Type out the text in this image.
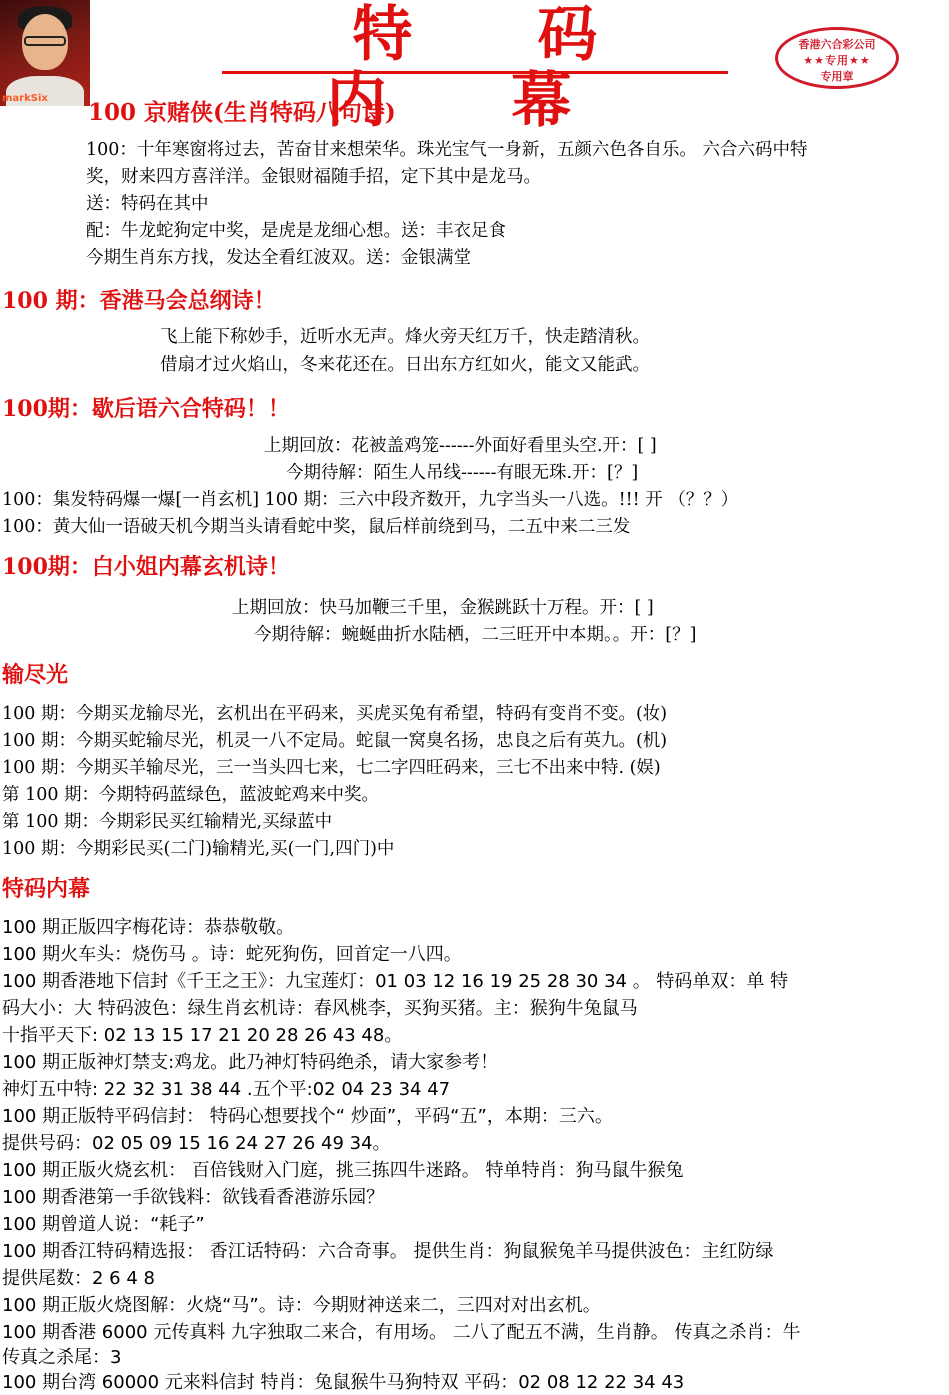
markSix
特 码 内 幕
香港六合彩公司
★★专用★★
专用章
100 京赌侠(生肖特码八句诗)
100：十年寒窗将过去，苦奋甘来想荣华。珠光宝气一身新，五颜六色各自乐。 六合六码中特
奖，财来四方喜洋洋。金银财福随手招，定下其中是龙马。
送：特码在其中
配：牛龙蛇狗定中奖，是虎是龙细心想。送：丰衣足食
今期生肖东方找，发达全看红波双。送：金银满堂
100 期：香港马会总纲诗！
飞上能下称妙手，近听水无声。烽火旁天红万千，快走踏清秋。
借扇才过火焰山，冬来花还在。日出东方红如火，能文又能武。
100期：歇后语六合特码！！
上期回放：花被盖鸡笼------外面好看里头空.开：[ ]
今期待解：陌生人吊线------有眼无珠.开：[？]
100：集发特码爆一爆[一肖玄机] 100 期：三六中段齐数开，九字当头一八选。!!! 开 （？？）
100：黄大仙一语破天机今期当头请看蛇中奖，鼠后样前绕到马，二五中来二三发
100期：白小姐内幕玄机诗！
上期回放：快马加鞭三千里，金猴跳跃十万程。开：[ ]
今期待解：蜿蜒曲折水陆栖，二三旺开中本期。。开：[？]
输尽光
100 期：今期买龙输尽光，玄机出在平码来，买虎买兔有希望，特码有变肖不变。(妆)
100 期：今期买蛇输尽光，机灵一八不定局。蛇鼠一窝臭名扬，忠良之后有英九。(机)
100 期：今期买羊输尽光，三一当头四七来，七二字四旺码来，三七不出来中特. (娱)
第 100 期：今期特码蓝绿色，蓝波蛇鸡来中奖。
第 100 期：今期彩民买红输精光,买绿蓝中
100 期：今期彩民买(二门)输精光,买(一门,四门)中
特码内幕
100 期正版四字梅花诗：恭恭敬敬。
100 期火车头：烧伤马 。诗：蛇死狗伤，回首定一八四。
100 期香港地下信封《千王之王》：九宝莲灯：01 03 12 16 19 25 28 30 34 。 特码单双：单 特
码大小：大 特码波色：绿生肖玄机诗：春风桃李，买狗买猪。主：猴狗牛兔鼠马
十指平天下: 02 13 15 17 21 20 28 26 43 48。
100 期正版神灯禁支:鸡龙。此乃神灯特码绝杀，请大家参考！
神灯五中特: 22 32 31 38 44 .五个平:02 04 23 34 47
100 期正版特平码信封： 特码心想要找个“ 炒面”，平码“五”，本期：三六。
提供号码：02 05 09 15 16 24 27 26 49 34。
100 期正版火烧玄机： 百倍钱财入门庭，挑三拣四牛迷路。 特单特肖：狗马鼠牛猴兔
100 期香港第一手欲钱料：欲钱看香港游乐园？
100 期曾道人说：“耗子”
100 期香江特码精选报： 香江话特码：六合奇事。 提供生肖：狗鼠猴兔羊马提供波色：主红防绿
提供尾数：2 6 4 8
100 期正版火烧图解：火烧“马”。诗：今期财神送来二，三四对对出玄机。
100 期香港 6000 元传真料 九字独取二来合，有用场。 二八了配五不满，生肖静。 传真之杀肖：牛
传真之杀尾：3
100 期台湾 60000 元来料信封 特肖：兔鼠猴牛马狗特双 平码：02 08 12 22 34 43
